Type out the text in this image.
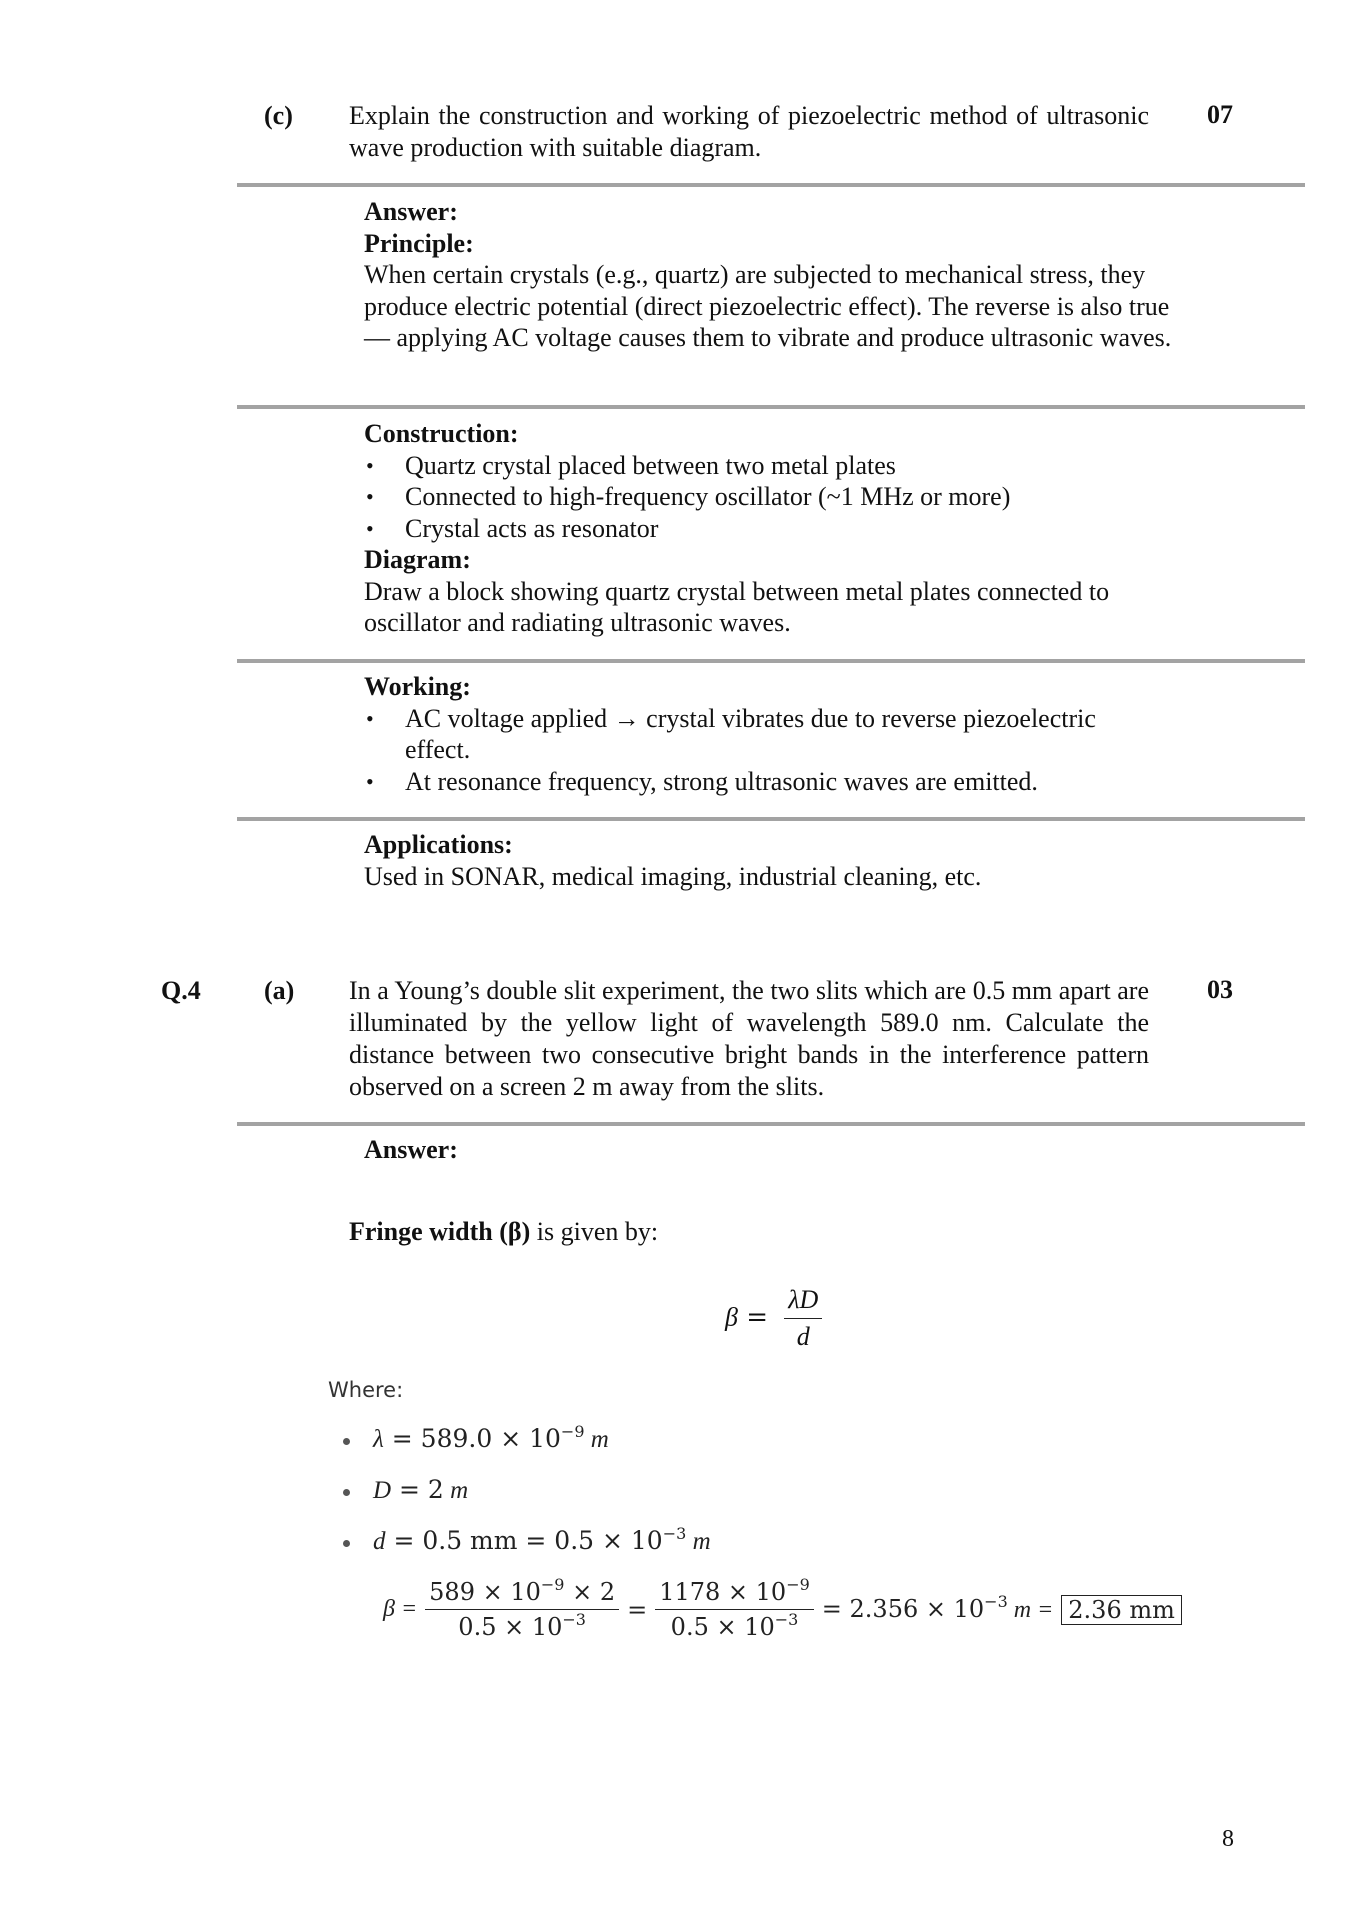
(c) Explain the construction and working of piezoelectric method of ultrasonic wave production with suitable diagram.
07
Answer:
Principle:
When certain crystals (e.g., quartz) are subjected to mechanical stress, they produce electric potential (direct piezoelectric effect). The reverse is also true — applying AC voltage causes them to vibrate and produce ultrasonic waves.
Construction:
• Quartz crystal placed between two metal plates
• Connected to high-frequency oscillator (~1 MHz or more)
• Crystal acts as resonator
Diagram:
Draw a block showing quartz crystal between metal plates connected to oscillator and radiating ultrasonic waves.
Working:
• AC voltage applied → crystal vibrates due to reverse piezoelectric effect.
• At resonance frequency, strong ultrasonic waves are emitted.
Applications:
Used in SONAR, medical imaging, industrial cleaning, etc.
Q.4 (a) In a Young’s double slit experiment, the two slits which are 0.5 mm apart are illuminated by the yellow light of wavelength 589.0 nm. Calculate the distance between two consecutive bright bands in the interference pattern observed on a screen 2 m away from the slits.
03
Answer:
Fringe width (β) is given by:
$\beta = \frac{\lambda D}{d}$
Where:
$\lambda = 589.0 \times 10^{-9}$ m
D = 2 m
d = 0.5 mm = $0.5 \times 10^{-3}$ m
$\beta = \frac{589 \times 10^{-9} \times 2}{0.5 \times 10^{-3}} = \frac{1178 \times 10^{-9}}{0.5 \times 10^{-3}} = 2.356 \times 10^{-3}$ m = 2.36 mm
8
